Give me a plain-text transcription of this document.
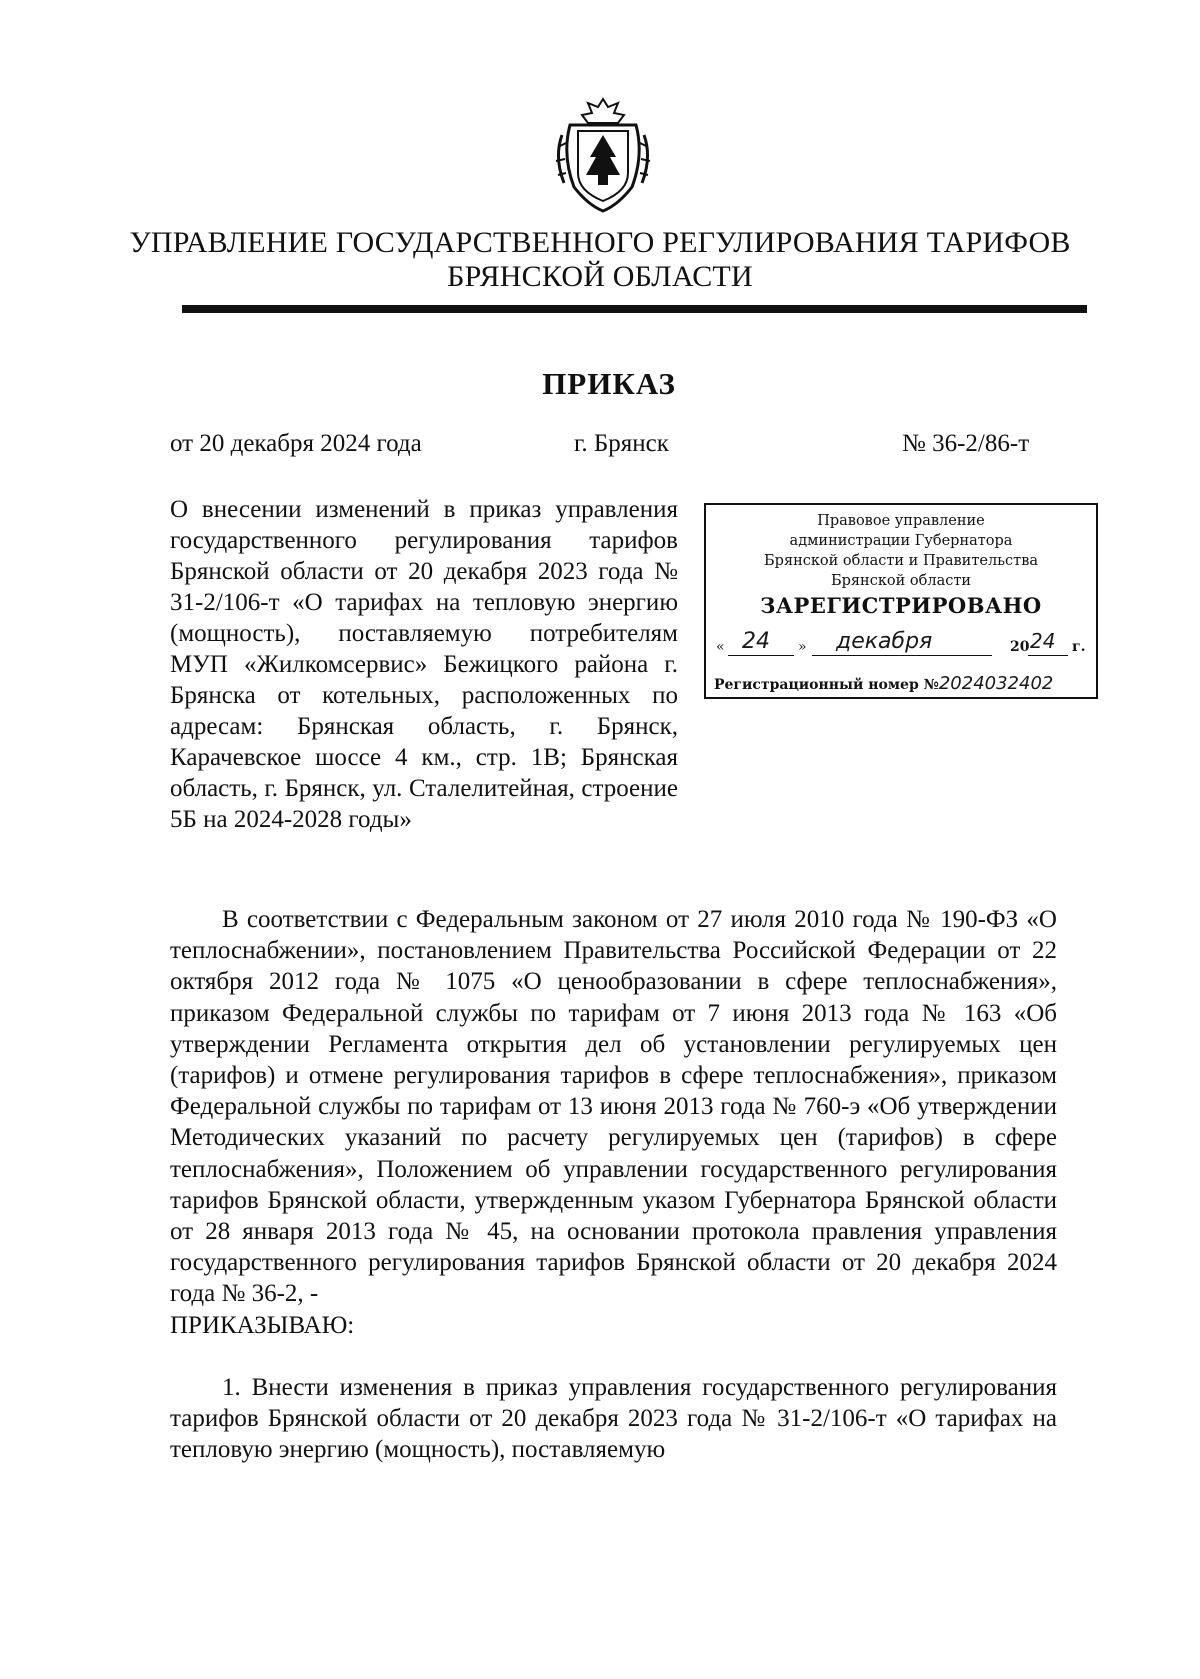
УПРАВЛЕНИЕ ГОСУДАРСТВЕННОГО РЕГУЛИРОВАНИЯ ТАРИФОВ
БРЯНСКОЙ ОБЛАСТИ
ПРИКАЗ
от 20 декабря 2024 года	г. Брянск	№ 36-2/86-т
О внесении изменений в приказ управления государственного регулирования тарифов Брянской области от 20 декабря 2023 года № 31-2/106-т «О тарифах на тепловую энергию (мощность), поставляемую потребителям МУП «Жилкомсервис» Бежицкого района г. Брянска от котельных, расположенных по адресам: Брянская область, г. Брянск, Карачевское шоссе 4 км., стр. 1В; Брянская область, г. Брянск, ул. Сталелитейная, строение 5Б на 2024-2028 годы»
Правовое управление
администрации Губернатора
Брянской области и Правительства
Брянской области
ЗАРЕГИСТРИРОВАНО
« 24 » декабря	20 24 г.
Регистрационный номер №2024032402

В соответствии с Федеральным законом от 27 июля 2010 года № 190-ФЗ «О теплоснабжении», постановлением Правительства Российской Федерации от 22 октября 2012 года № 1075 «О ценообразовании в сфере теплоснабжения», приказом Федеральной службы по тарифам от 7 июня 2013 года № 163 «Об утверждении Регламента открытия дел об установлении регулируемых цен (тарифов) и отмене регулирования тарифов в сфере теплоснабжения», приказом Федеральной службы по тарифам от 13 июня 2013 года № 760-э «Об утверждении Методических указаний по расчету регулируемых цен (тарифов) в сфере теплоснабжения», Положением об управлении государственного регулирования тарифов Брянской области, утвержденным указом Губернатора Брянской области от 28 января 2013 года № 45, на основании протокола правления управления государственного регулирования тарифов Брянской области от 20 декабря 2024 года № 36-2, -

ПРИКАЗЫВАЮ:

1. Внести изменения в приказ управления государственного регулирования тарифов Брянской области от 20 декабря 2023 года № 31-2/106-т «О тарифах на тепловую энергию (мощность), поставляемую
